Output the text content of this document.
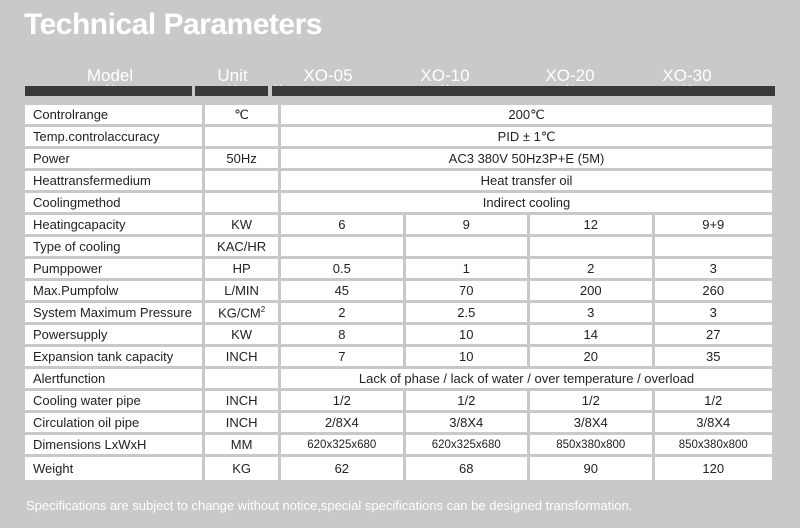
Technical Parameters
Model	Unit	XO-05	XO-10	XO-20	XO-30
Controlrange	℃	200℃			
Temp.controlaccuracy		PID ± 1℃			
Power	50Hz	AC3 380V 50Hz3P+E (5M)			
Heattransfermedium		Heat transfer oil			
Coolingmethod		Indirect cooling			
Heatingcapacity	KW	6	9	12	9+9
Type of cooling	KAC/HR				
Pumppower	HP	0.5	1	2	3
Max.Pumpfolw	L/MIN	45	70	200	260
System Maximum Pressure	$KG/CM^2$	2	2.5	3	3
Powersupply	KW	8	10	14	27
Expansion tank capacity	INCH	7	10	20	35
Alertfunction		Lack of phase / lack of water / over temperature / overload			
Cooling water pipe	INCH	1/2	1/2	1/2	1/2
Circulation oil pipe	INCH	2/8X4	3/8X4	3/8X4	3/8X4
Dimensions LxWxH	MM	620x325x680	620x325x680	850x380x800	850x380x800
Weight	KG	62	68	90	120
Specifications are subject to change without notice,special specifications can be designed transformation.
